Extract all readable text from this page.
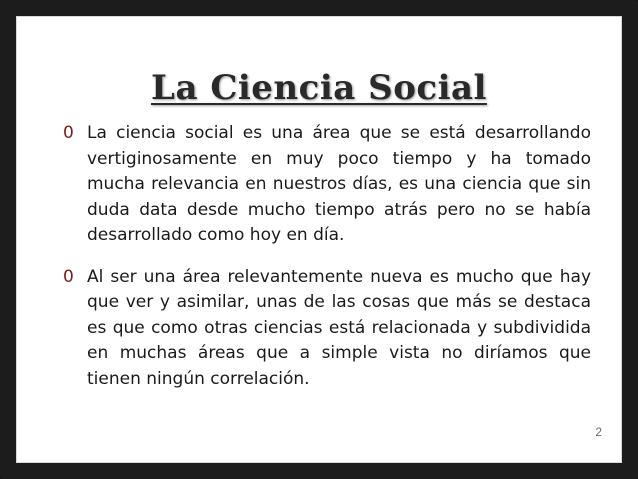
La Ciencia Social
0 La ciencia social es una área que se está desarrollando vertiginosamente en muy poco tiempo y ha tomado mucha relevancia en nuestros días, es una ciencia que sin duda data desde mucho tiempo atrás pero no se había desarrollado como hoy en día.
0 Al ser una área relevantemente nueva es mucho que hay que ver y asimilar, unas de las cosas que más se destaca es que como otras ciencias está relacionada y subdividida en muchas áreas que a simple vista no diríamos que tienen ningún correlación.
2
